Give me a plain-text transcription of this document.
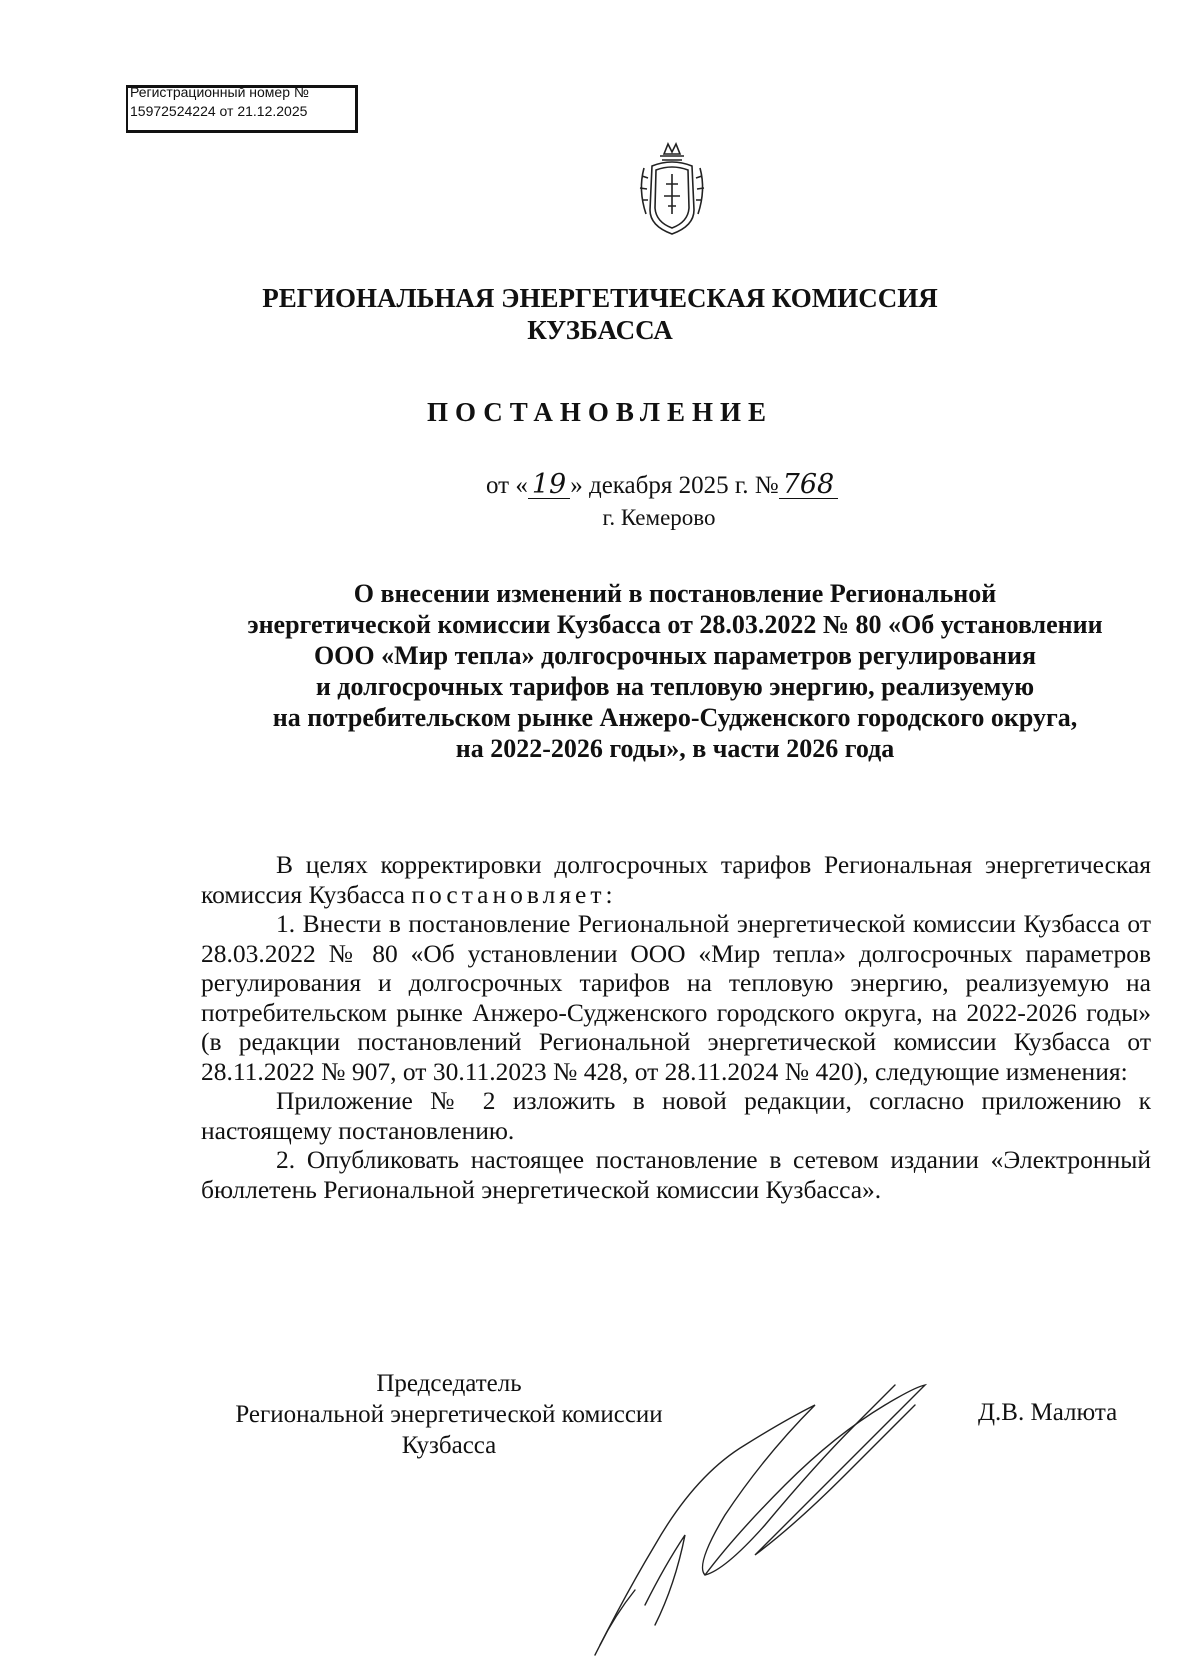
Регистрационный номер №
15972524224 от 21.12.2025
РЕГИОНАЛЬНАЯ ЭНЕРГЕТИЧЕСКАЯ КОМИССИЯ
КУЗБАССА
ПОСТАНОВЛЕНИЕ
от « 19 » декабря 2025 г. № 768
г. Кемерово
О внесении изменений в постановление Региональной
энергетической комиссии Кузбасса от 28.03.2022 № 80 «Об установлении
ООО «Мир тепла» долгосрочных параметров регулирования
и долгосрочных тарифов на тепловую энергию, реализуемую
на потребительском рынке Анжеро-Судженского городского округа,
на 2022-2026 годы», в части 2026 года

В целях корректировки долгосрочных тарифов Региональная энергетическая комиссия Кузбасса постановляет:

1. Внести в постановление Региональной энергетической комиссии Кузбасса от 28.03.2022 № 80 «Об установлении ООО «Мир тепла» долгосрочных параметров регулирования и долгосрочных тарифов на тепловую энергию, реализуемую на потребительском рынке Анжеро-Судженского городского округа, на 2022-2026 годы» (в редакции постановлений Региональной энергетической комиссии Кузбасса от 28.11.2022 № 907, от 30.11.2023 № 428, от 28.11.2024 № 420), следующие изменения:

Приложение № 2 изложить в новой редакции, согласно приложению к настоящему постановлению.

2. Опубликовать настоящее постановление в сетевом издании «Электронный бюллетень Региональной энергетической комиссии Кузбасса».

Председатель
Региональной энергетической комиссии
Кузбасса
Д.В. Малюта
